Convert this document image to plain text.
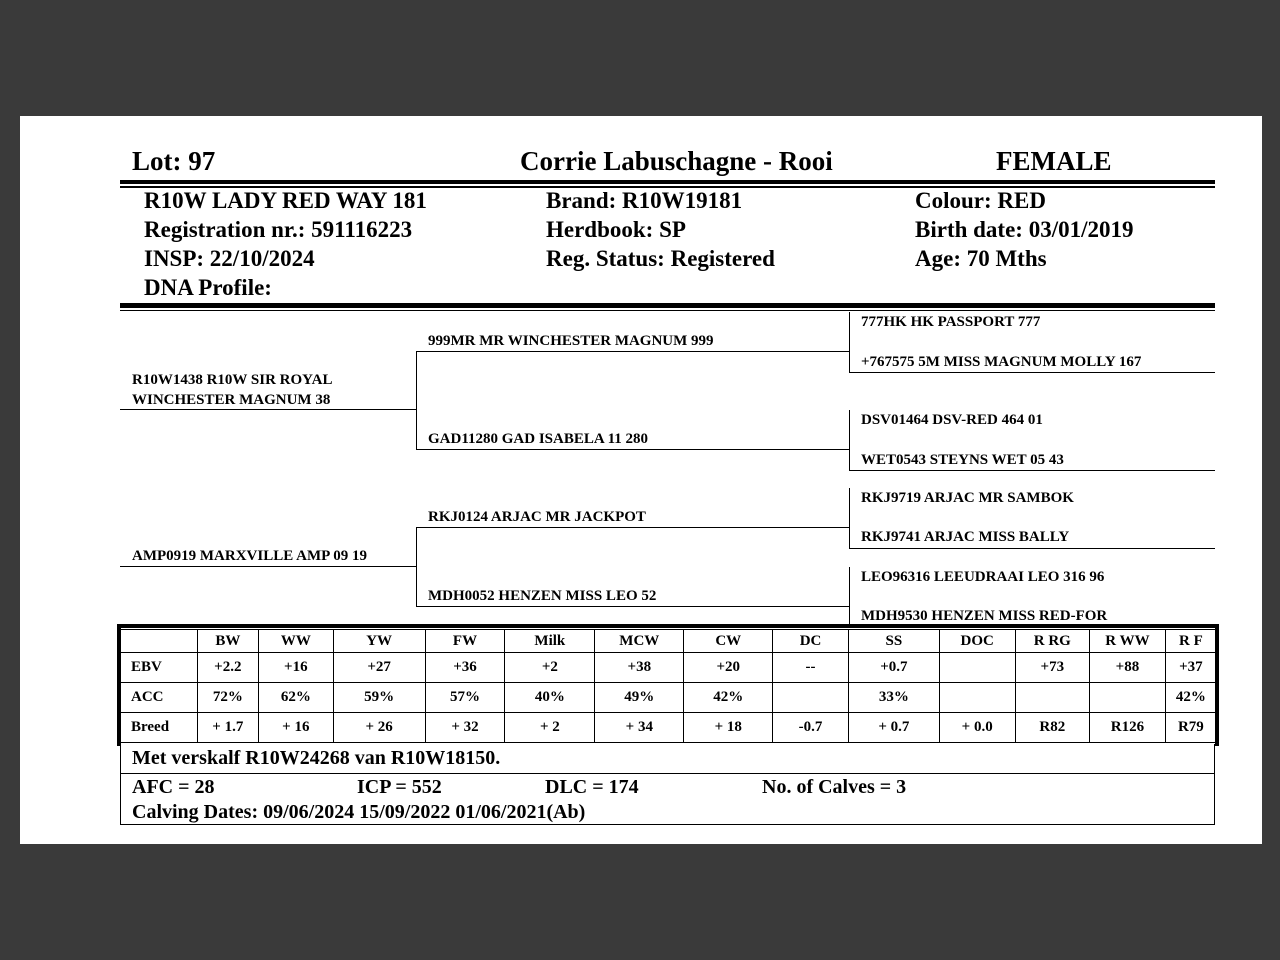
Lot: 97	Corrie Labuschagne - Rooi	FEMALE
R10W LADY RED WAY 181
Registration nr.: 591116223
INSP: 22/10/2024
DNA Profile:
Brand: R10W19181
Herdbook: SP
Reg. Status: Registered
Colour: RED
Birth date: 03/01/2019
Age: 70 Mths
R10W1438 R10W SIR ROYAL
WINCHESTER MAGNUM 38
AMP0919 MARXVILLE AMP 09 19
999MR MR WINCHESTER MAGNUM 999
GAD11280 GAD ISABELA 11 280
RKJ0124 ARJAC MR JACKPOT
MDH0052 HENZEN MISS LEO 52
777HK HK PASSPORT 777
+767575 5M MISS MAGNUM MOLLY 167
DSV01464 DSV-RED 464 01
WET0543 STEYNS WET 05 43
RKJ9719 ARJAC MR SAMBOK
RKJ9741 ARJAC MISS BALLY
LEO96316 LEEUDRAAI LEO 316 96
MDH9530 HENZEN MISS RED-FOR
	BW	WW	YW	FW	Milk	MCW	CW	DC	SS	DOC	R RG	R WW	R F
EBV	+2.2	+16	+27	+36	+2	+38	+20	--	+0.7		+73	+88	+37
ACC	72%	62%	59%	57%	40%	49%	42%		33%				42%
Breed	+ 1.7	+ 16	+ 26	+ 32	+ 2	+ 34	+ 18	-0.7	+ 0.7	+ 0.0	R82	R126	R79
Met verskalf R10W24268 van R10W18150.
AFC = 28	ICP = 552	DLC = 174	No. of Calves = 3
Calving Dates: 09/06/2024 15/09/2022 01/06/2021(Ab)
